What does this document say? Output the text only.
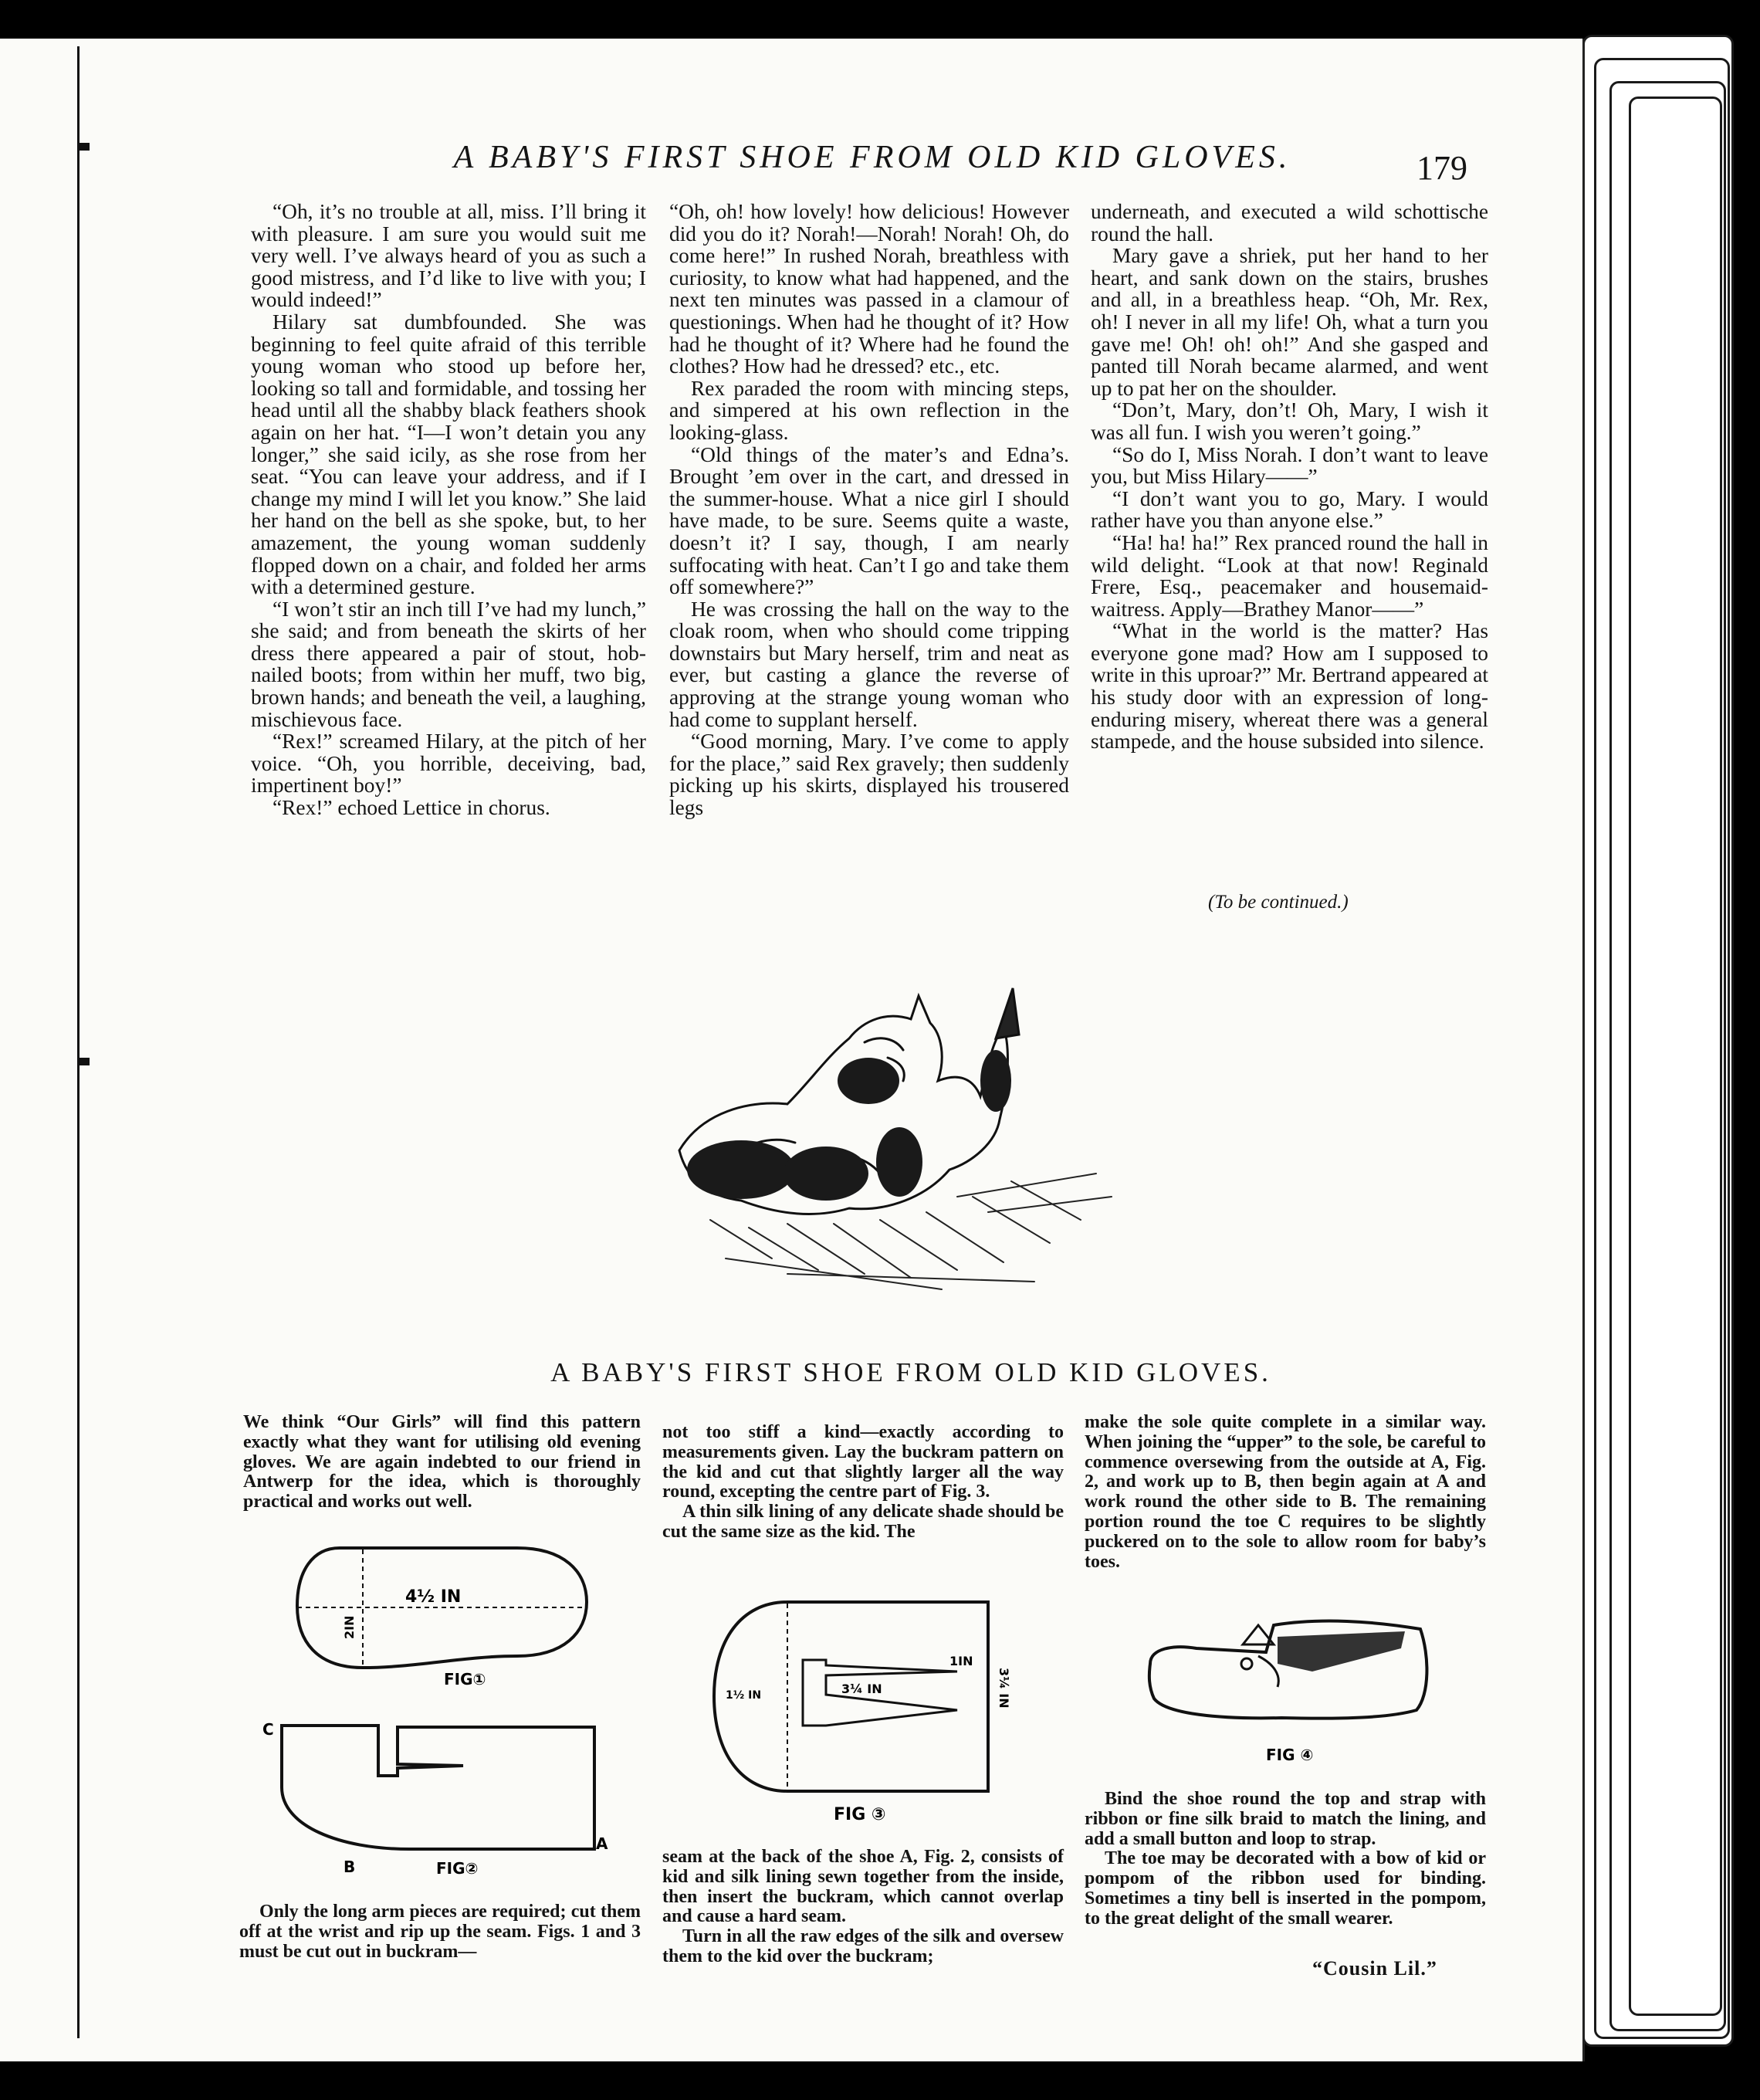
A BABY'S FIRST SHOE FROM OLD KID GLOVES.	179

“Oh, it’s no trouble at all, miss. I’ll bring it with pleasure. I am sure you would suit me very well. I’ve always heard of you as such a good mistress, and I’d like to live with you; I would indeed!”

Hilary sat dumbfounded. She was beginning to feel quite afraid of this terrible young woman who stood up before her, looking so tall and formidable, and tossing her head until all the shabby black feathers shook again on her hat. “I—I won’t detain you any longer,” she said icily, as she rose from her seat. “You can leave your address, and if I change my mind I will let you know.” She laid her hand on the bell as she spoke, but, to her amazement, the young woman suddenly flopped down on a chair, and folded her arms with a determined gesture.

“I won’t stir an inch till I’ve had my lunch,” she said; and from beneath the skirts of her dress there appeared a pair of stout, hob-nailed boots; from within her muff, two big, brown hands; and beneath the veil, a laughing, mischievous face.

“Rex!” screamed Hilary, at the pitch of her voice. “Oh, you horrible, deceiving, bad, impertinent boy!”

“Rex!” echoed Lettice in chorus.

“Oh, oh! how lovely! how delicious! However did you do it? Norah!—Norah! Norah! Oh, do come here!” In rushed Norah, breathless with curiosity, to know what had happened, and the next ten minutes was passed in a clamour of questionings. When had he thought of it? How had he thought of it? Where had he found the clothes? How had he dressed? etc., etc.

Rex paraded the room with mincing steps, and simpered at his own reflection in the looking-glass.

“Old things of the mater’s and Edna’s. Brought ’em over in the cart, and dressed in the summer-house. What a nice girl I should have made, to be sure. Seems quite a waste, doesn’t it? I say, though, I am nearly suffocating with heat. Can’t I go and take them off somewhere?”

He was crossing the hall on the way to the cloak room, when who should come tripping downstairs but Mary herself, trim and neat as ever, but casting a glance the reverse of approving at the strange young woman who had come to supplant herself.

“Good morning, Mary. I’ve come to apply for the place,” said Rex gravely; then suddenly picking up his skirts, displayed his trousered legs

underneath, and executed a wild schottische round the hall.

Mary gave a shriek, put her hand to her heart, and sank down on the stairs, brushes and all, in a breathless heap. “Oh, Mr. Rex, oh! I never in all my life! Oh, what a turn you gave me! Oh! oh! oh!” And she gasped and panted till Norah became alarmed, and went up to pat her on the shoulder.

“Don’t, Mary, don’t! Oh, Mary, I wish it was all fun. I wish you weren’t going.”

“So do I, Miss Norah. I don’t want to leave you, but Miss Hilary——”

“I don’t want you to go, Mary. I would rather have you than anyone else.”

“Ha! ha! ha!” Rex pranced round the hall in wild delight. “Look at that now! Reginald Frere, Esq., peacemaker and housemaid-waitress. Apply—Brathey Manor——”

“What in the world is the matter? Has everyone gone mad? How am I supposed to write in this uproar?” Mr. Bertrand appeared at his study door with an expression of long-enduring misery, whereat there was a general stampede, and the house subsided into silence.

(To be continued.)
A BABY'S FIRST SHOE FROM OLD KID GLOVES.

We think “Our Girls” will find this pattern exactly what they want for utilising old evening gloves. We are again indebted to our friend in Antwerp for the idea, which is thoroughly practical and works out well.

not too stiff a kind—exactly according to measurements given. Lay the buckram pattern on the kid and cut that slightly larger all the way round, excepting the centre part of Fig. 3.

A thin silk lining of any delicate shade should be cut the same size as the kid. The

make the sole quite complete in a similar way. When joining the “upper” to the sole, be careful to commence oversewing from the outside at A, Fig. 2, and work up to B, then begin again at A and work round the other side to B. The remaining portion round the toe C requires to be slightly puckered on to the sole to allow room for baby’s toes.

4½ IN
2IN
FIG①
C
B
A
FIG②
1IN
3¼ IN	3¼ IN
1½ IN
FIG ③
FIG ④

Only the long arm pieces are required; cut them off at the wrist and rip up the seam. Figs. 1 and 3 must be cut out in buckram—

seam at the back of the shoe A, Fig. 2, consists of kid and silk lining sewn together from the inside, then insert the buckram, which cannot overlap and cause a hard seam.

Turn in all the raw edges of the silk and oversew them to the kid over the buckram;

Bind the shoe round the top and strap with ribbon or fine silk braid to match the lining, and add a small button and loop to strap.

The toe may be decorated with a bow of kid or pompom of the ribbon used for binding. Sometimes a tiny bell is inserted in the pompom, to the great delight of the small wearer.

“Cousin Lil.”
